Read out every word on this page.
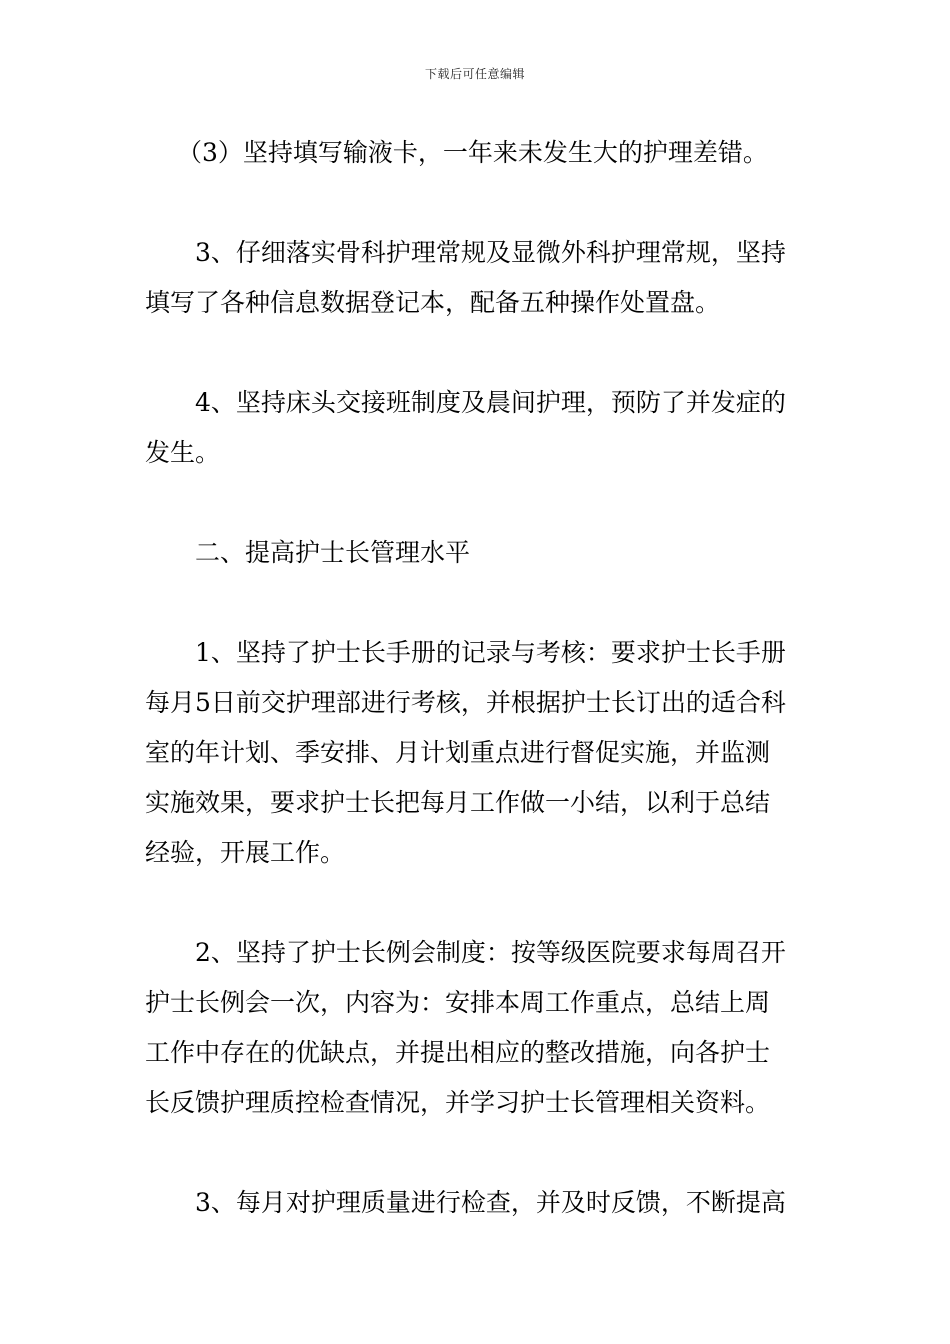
下载后可任意编辑
（3）坚持填写输液卡，一年来未发生大的护理差错。
3、仔细落实骨科护理常规及显微外科护理常规，坚持
填写了各种信息数据登记本，配备五种操作处置盘。
4、坚持床头交接班制度及晨间护理，预防了并发症的
发生。
二、提高护士长管理水平
1、坚持了护士长手册的记录与考核：要求护士长手册
每月5日前交护理部进行考核，并根据护士长订出的适合科
室的年计划、季安排、月计划重点进行督促实施，并监测
实施效果，要求护士长把每月工作做一小结，以利于总结
经验，开展工作。
2、坚持了护士长例会制度：按等级医院要求每周召开
护士长例会一次，内容为：安排本周工作重点，总结上周
工作中存在的优缺点，并提出相应的整改措施，向各护士
长反馈护理质控检查情况，并学习护士长管理相关资料。
3、每月对护理质量进行检查，并及时反馈，不断提高
